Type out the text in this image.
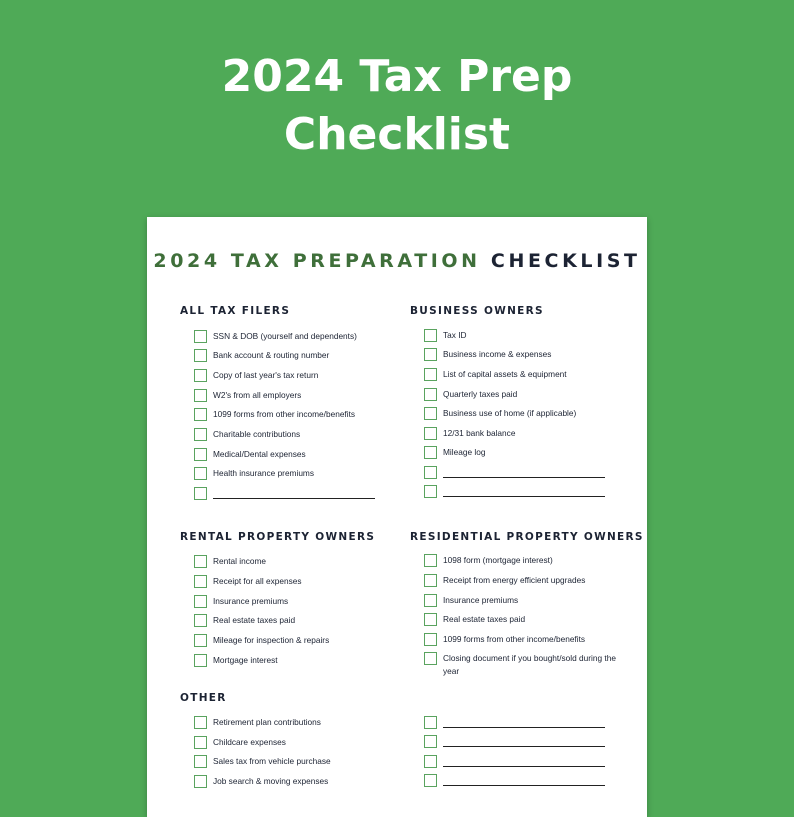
2024 Tax Prep
Checklist
2024 TAX PREPARATION CHECKLIST
ALL TAX FILERS
SSN & DOB (yourself and dependents)
Bank account & routing number
Copy of last year's tax return
W2's from all employers
1099 forms from other income/benefits
Charitable contributions
Medical/Dental expenses
Health insurance premiums
BUSINESS OWNERS
Tax ID
Business income & expenses
List of capital assets & equipment
Quarterly taxes paid
Business use of home (if applicable)
12/31 bank balance
Mileage log
RENTAL PROPERTY OWNERS
Rental income
Receipt for all expenses
Insurance premiums
Real estate taxes paid
Mileage for inspection & repairs
Mortgage interest
RESIDENTIAL PROPERTY OWNERS
1098 form (mortgage interest)
Receipt from energy efficient upgrades
Insurance premiums
Real estate taxes paid
1099 forms from other income/benefits
Closing document if you bought/sold during the year
OTHER
Retirement plan contributions
Childcare expenses
Sales tax from vehicle purchase
Job search & moving expenses
